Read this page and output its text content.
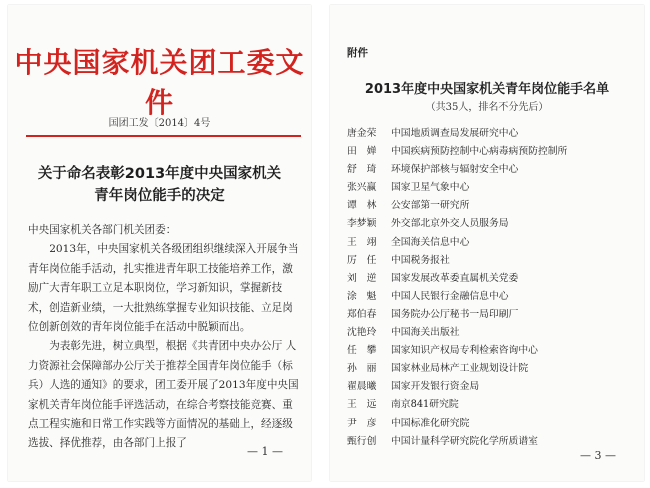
中央国家机关团工委文件
国团工发〔2014〕4号
关于命名表彰2013年度中央国家机关
青年岗位能手的决定

中央国家机关各部门机关团委：

2013年，中央国家机关各级团组织继续深入开展争当青年岗位能手活动，扎实推进青年职工技能培养工作，激励广大青年职工立足本职岗位，学习新知识，掌握新技术，创造新业绩，一大批熟练掌握专业知识技能、立足岗位创新创效的青年岗位能手在活动中脱颖而出。

为表彰先进，树立典型，根据《共青团中央办公厅 人力资源社会保障部办公厅关于推荐全国青年岗位能手（标兵）人选的通知》的要求，团工委开展了2013年度中央国家机关青年岗位能手评选活动，在综合考察技能竞赛、重点工程实施和日常工作实践等方面情况的基础上，经逐级选拔、择优推荐，由各部门上报了

— 1 —
附件
2013年度中央国家机关青年岗位能手名单
（共35人，排名不分先后）
唐金荣 中国地质调查局发展研究中心
田　婵 中国疾病预防控制中心病毒病预防控制所
舒　琦 环境保护部核与辐射安全中心
张兴赢 国家卫星气象中心
谭　林 公安部第一研究所
李梦颖 外交部北京外交人员服务局
王　翊 全国海关信息中心
厉　任 中国税务报社
刘　逆 国家发展改革委直属机关党委
涂　魁 中国人民银行金融信息中心
郑伯春 国务院办公厅秘书一局印刷厂
沈艳玲 中国海关出版社
任　攀 国家知识产权局专利检索咨询中心
孙　丽 国家林业局林产工业规划设计院
翟晨曦 国家开发银行资金局
王　远 南京841研究院
尹　彦 中国标准化研究院
甄行创 中国计量科学研究院化学所质谱室
— 3 —
